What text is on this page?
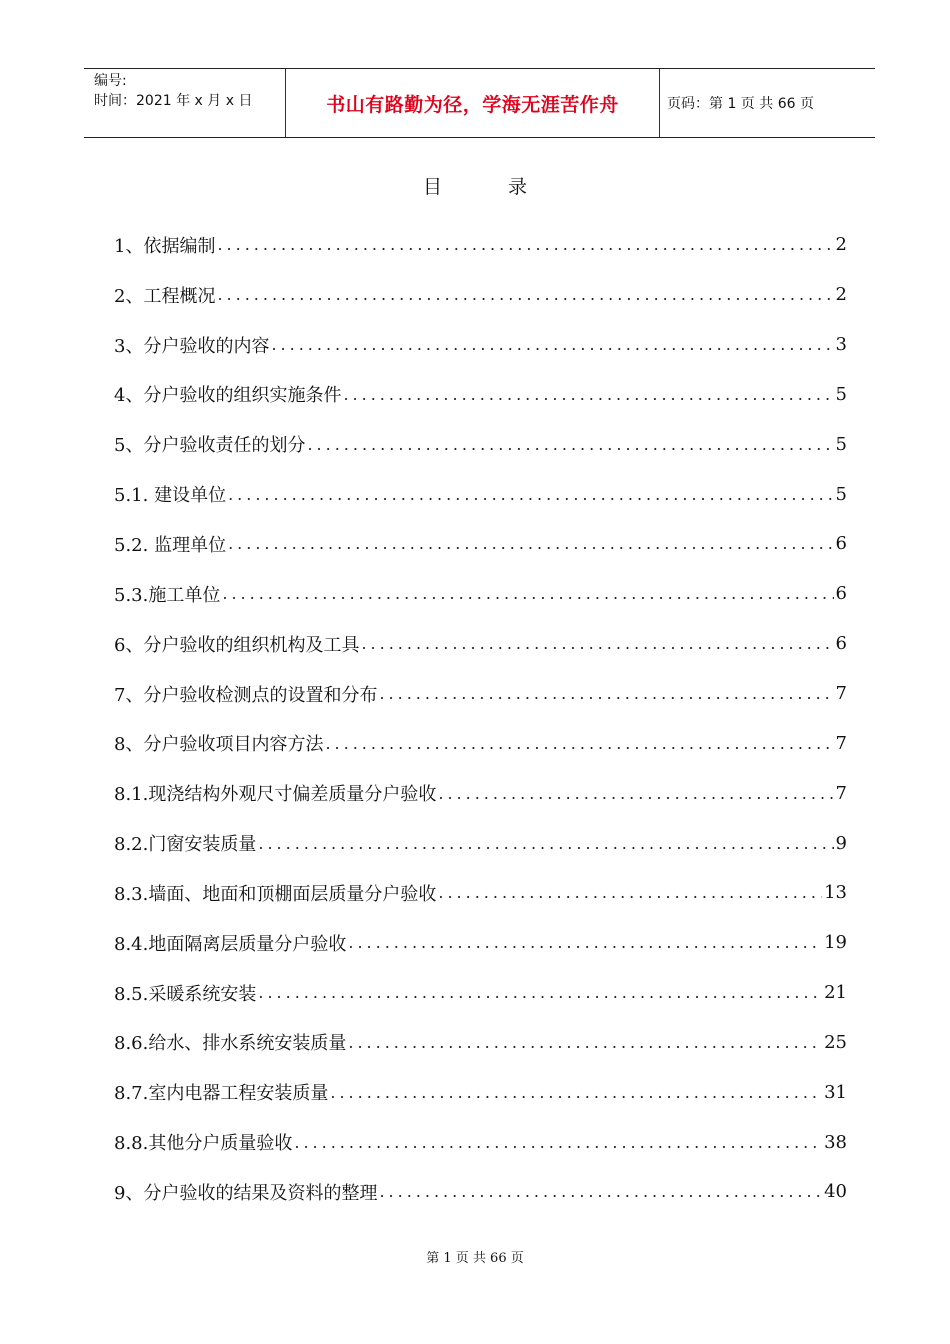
编号:
时间：2021 年 x 月 x 日	书山有路勤为径，学海无涯苦作舟	页码：第 1 页 共 66 页
目 录
1、依据编制 .....	2
2、工程概况 .....	2
3、分户验收的内容 .....	3
4、分户验收的组织实施条件 .....	5
5、分户验收责任的划分 .....	5
5.1. 建设单位 .....	5
5.2. 监理单位 .....	6
5.3.施工单位 .....	6
6、分户验收的组织机构及工具 .....	6
7、分户验收检测点的设置和分布 .....	7
8、分户验收项目内容方法 .....	7
8.1.现浇结构外观尺寸偏差质量分户验收 .....	7
8.2.门窗安装质量 .....	9
8.3.墙面、地面和顶棚面层质量分户验收 .....	13
8.4.地面隔离层质量分户验收 .....	19
8.5.采暖系统安装 .....	21
8.6.给水、排水系统安装质量 .....	25
8.7.室内电器工程安装质量 .....	31
8.8.其他分户质量验收 .....	38
9、分户验收的结果及资料的整理 .....	40
第 1 页 共 66 页
